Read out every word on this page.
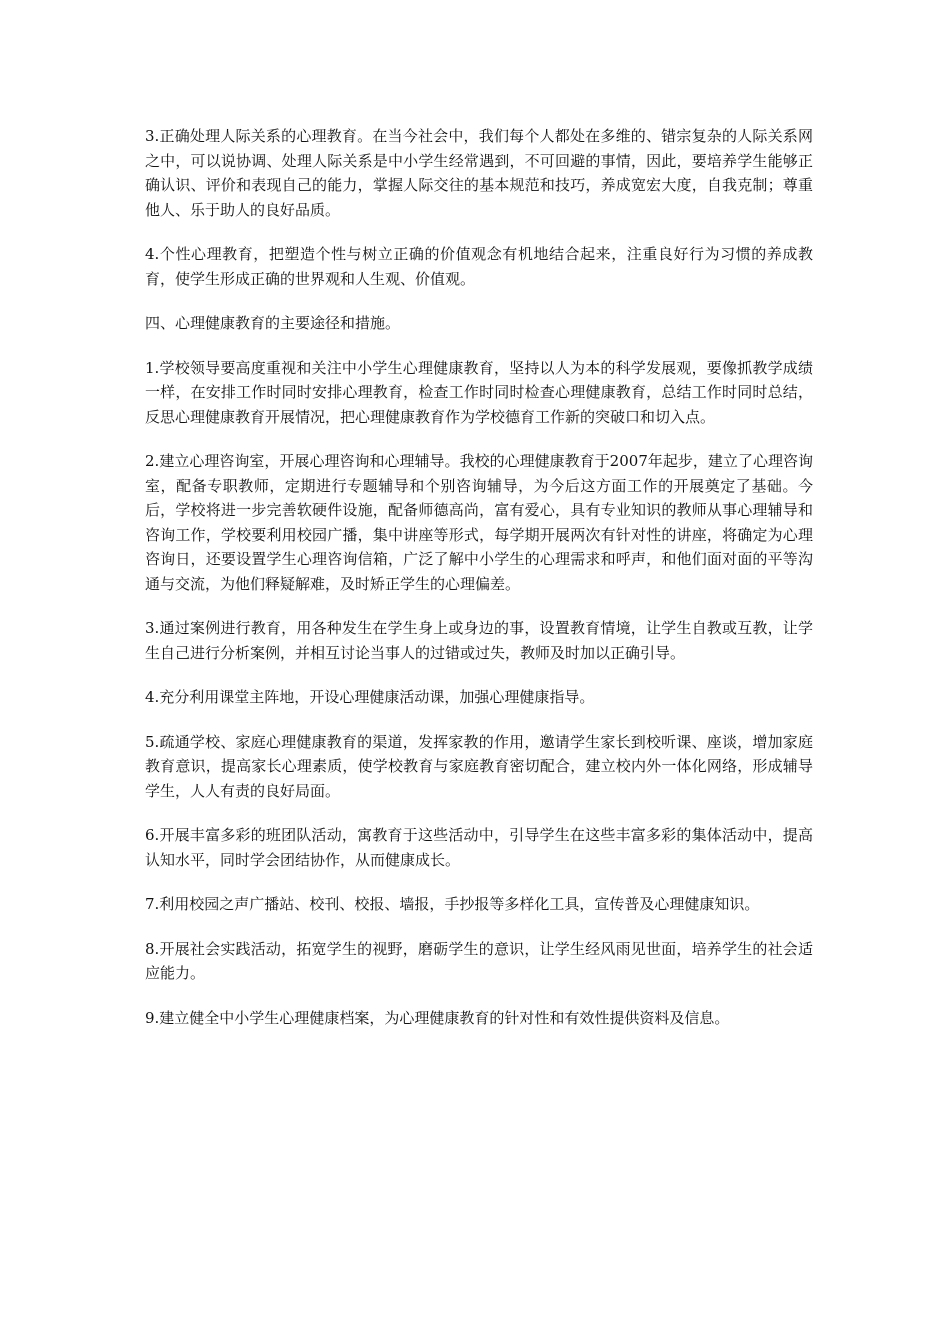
3.正确处理人际关系的心理教育。在当今社会中，我们每个人都处在多维的、错宗复杂的人际关系网之中，可以说协调、处理人际关系是中小学生经常遇到，不可回避的事情，因此，要培养学生能够正确认识、评价和表现自己的能力，掌握人际交往的基本规范和技巧，养成宽宏大度，自我克制；尊重他人、乐于助人的良好品质。

4.个性心理教育，把塑造个性与树立正确的价值观念有机地结合起来，注重良好行为习惯的养成教育，使学生形成正确的世界观和人生观、价值观。

四、心理健康教育的主要途径和措施。

1.学校领导要高度重视和关注中小学生心理健康教育，坚持以人为本的科学发展观，要像抓教学成绩一样，在安排工作时同时安排心理教育，检查工作时同时检查心理健康教育，总结工作时同时总结，反思心理健康教育开展情况，把心理健康教育作为学校德育工作新的突破口和切入点。

2.建立心理咨询室，开展心理咨询和心理辅导。我校的心理健康教育于2007年起步，建立了心理咨询室，配备专职教师，定期进行专题辅导和个别咨询辅导，为今后这方面工作的开展奠定了基础。今后，学校将进一步完善软硬件设施，配备师德高尚，富有爱心，具有专业知识的教师从事心理辅导和咨询工作，学校要利用校园广播，集中讲座等形式，每学期开展两次有针对性的讲座，将确定为心理咨询日，还要设置学生心理咨询信箱，广泛了解中小学生的心理需求和呼声，和他们面对面的平等沟通与交流，为他们释疑解难，及时矫正学生的心理偏差。

3.通过案例进行教育，用各种发生在学生身上或身边的事，设置教育情境，让学生自教或互教，让学生自己进行分析案例，并相互讨论当事人的过错或过失，教师及时加以正确引导。

4.充分利用课堂主阵地，开设心理健康活动课，加强心理健康指导。

5.疏通学校、家庭心理健康教育的渠道，发挥家教的作用，邀请学生家长到校听课、座谈，增加家庭教育意识，提高家长心理素质，使学校教育与家庭教育密切配合，建立校内外一体化网络，形成辅导学生，人人有责的良好局面。

6.开展丰富多彩的班团队活动，寓教育于这些活动中，引导学生在这些丰富多彩的集体活动中，提高认知水平，同时学会团结协作，从而健康成长。

7.利用校园之声广播站、校刊、校报、墙报，手抄报等多样化工具，宣传普及心理健康知识。

8.开展社会实践活动，拓宽学生的视野，磨砺学生的意识，让学生经风雨见世面，培养学生的社会适应能力。

9.建立健全中小学生心理健康档案，为心理健康教育的针对性和有效性提供资料及信息。
